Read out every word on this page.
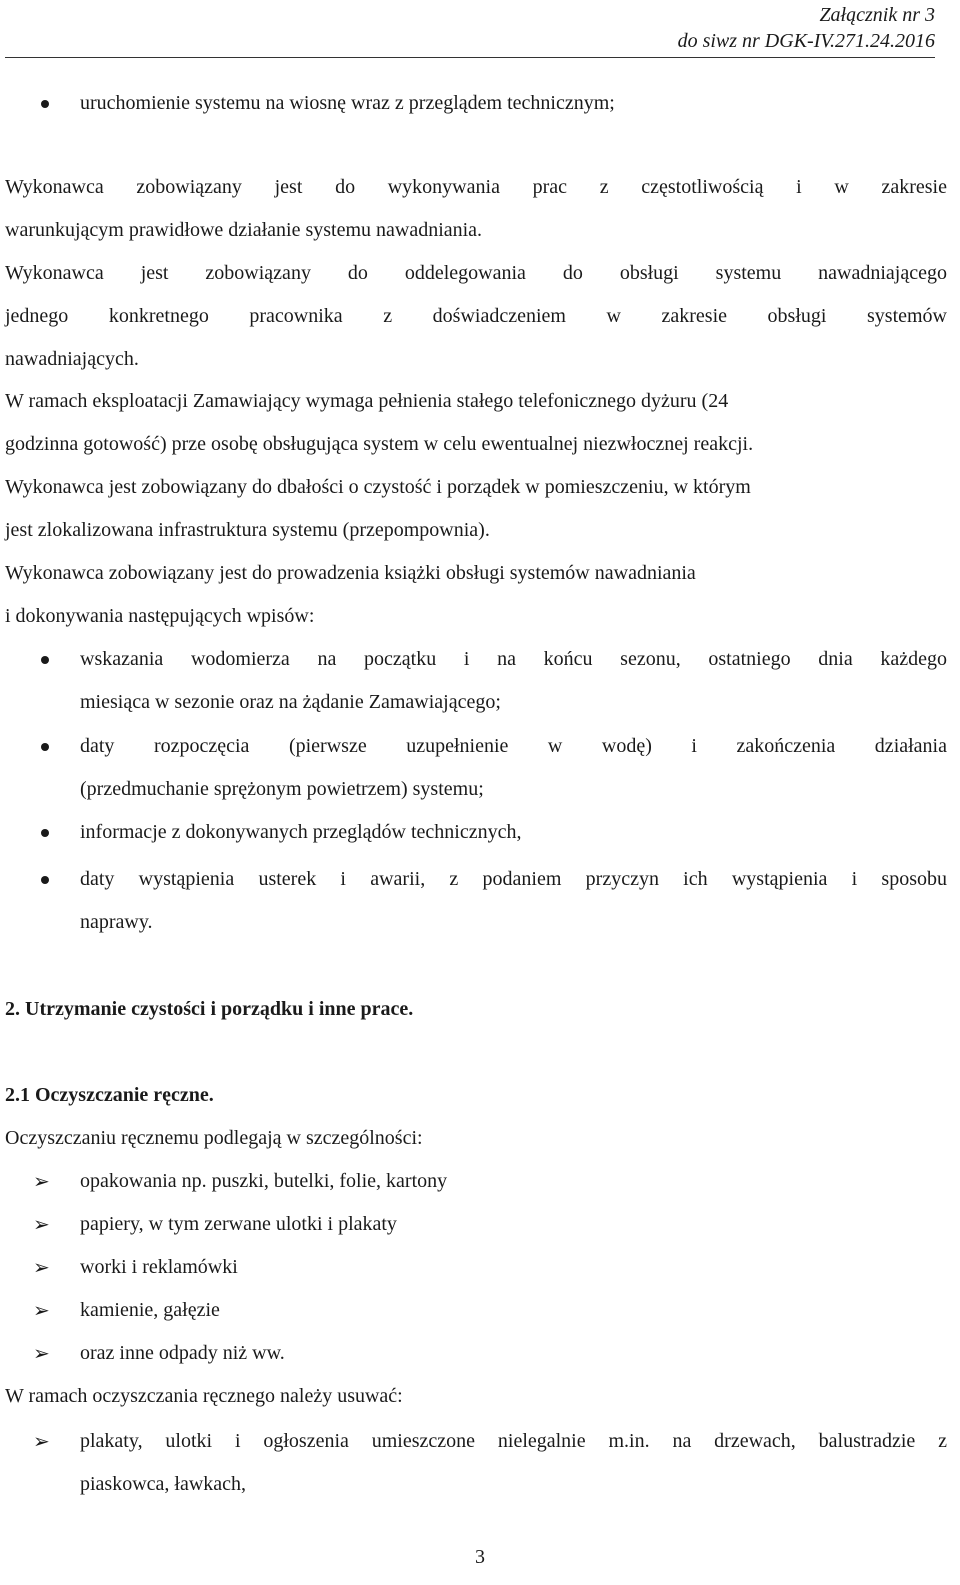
Załącznik nr 3
do siwz nr DGK-IV.271.24.2016
uruchomienie systemu na wiosnę wraz z przeglądem technicznym;
Wykonawca zobowiązany jest do wykonywania prac z częstotliwością i w zakresie
warunkującym prawidłowe działanie systemu nawadniania.
Wykonawca jest zobowiązany do oddelegowania do obsługi systemu nawadniającego
jednego konkretnego pracownika z doświadczeniem w zakresie obsługi systemów
nawadniających.
W ramach eksploatacji Zamawiający wymaga pełnienia stałego telefonicznego dyżuru (24
godzinna gotowość) prze osobę obsługująca system w celu ewentualnej niezwłocznej reakcji.
Wykonawca jest zobowiązany do dbałości o czystość i porządek w pomieszczeniu, w którym
jest zlokalizowana infrastruktura systemu (przepompownia).
Wykonawca zobowiązany jest do prowadzenia książki obsługi systemów nawadniania
i dokonywania następujących wpisów:
wskazania wodomierza na początku i na końcu sezonu, ostatniego dnia każdego
miesiąca w sezonie oraz na żądanie Zamawiającego;
daty rozpoczęcia (pierwsze uzupełnienie w wodę) i zakończenia działania
(przedmuchanie sprężonym powietrzem) systemu;
informacje z dokonywanych przeglądów technicznych,
daty wystąpienia usterek i awarii, z podaniem przyczyn ich wystąpienia i sposobu
naprawy.
2. Utrzymanie czystości i porządku i inne prace.
2.1 Oczyszczanie ręczne.
Oczyszczaniu ręcznemu podlegają w szczególności:
➢ opakowania np. puszki, butelki, folie, kartony
➢ papiery, w tym zerwane ulotki i plakaty
➢ worki i reklamówki
➢ kamienie, gałęzie
➢ oraz inne odpady niż ww.
W ramach oczyszczania ręcznego należy usuwać:
➢ plakaty, ulotki i ogłoszenia umieszczone nielegalnie m.in. na drzewach, balustradzie z
piaskowca, ławkach,
3
